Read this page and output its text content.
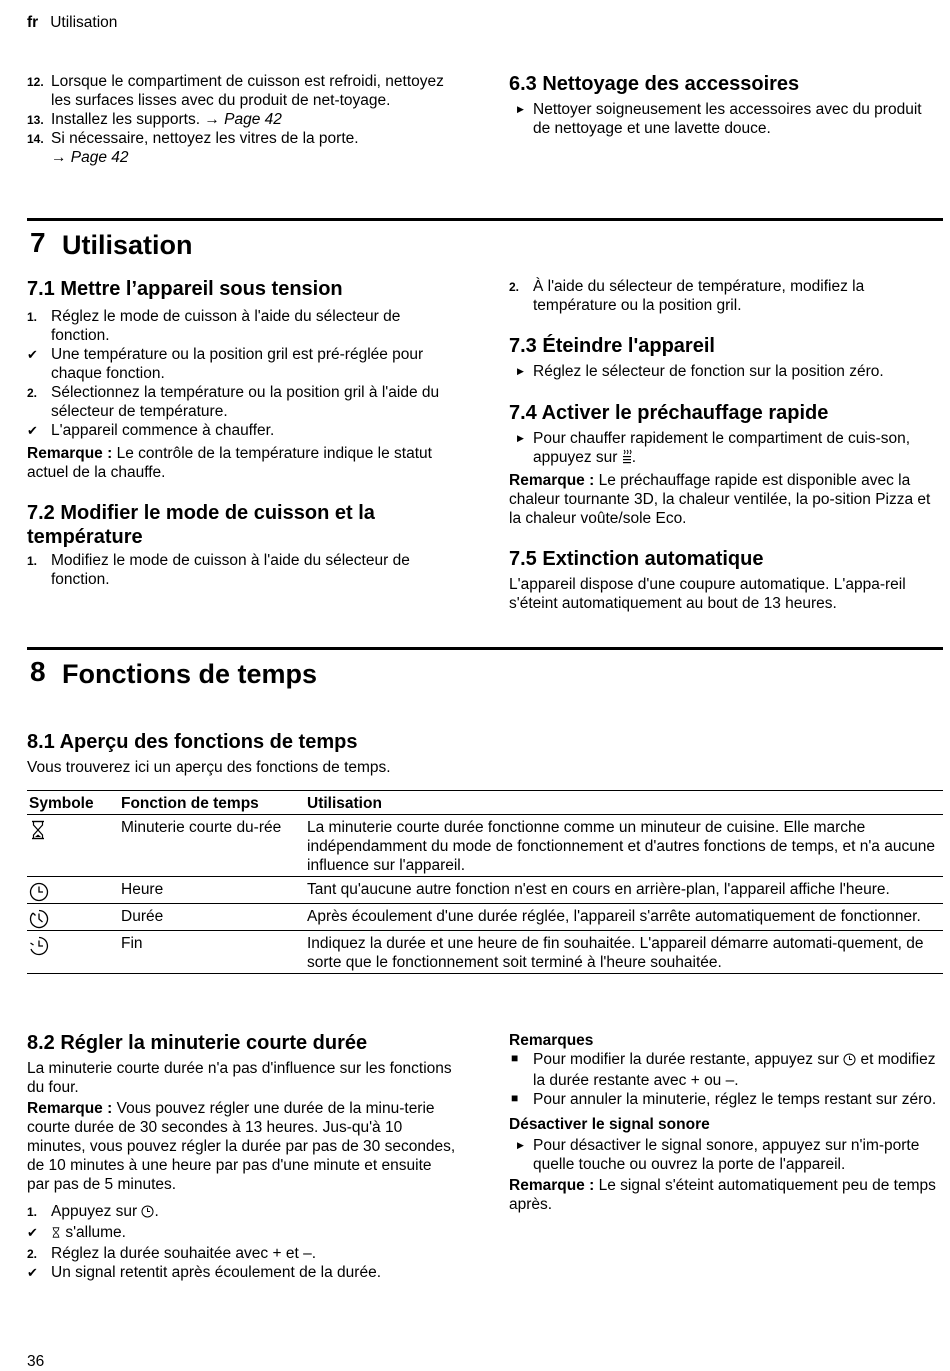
fr Utilisation
12. Lorsque le compartiment de cuisson est refroidi, nettoyez les surfaces lisses avec du produit de net-toyage.
13. Installez les supports. → Page 42
14. Si nécessaire, nettoyez les vitres de la porte.
→ Page 42
6.3 Nettoyage des accessoires
▶ Nettoyer soigneusement les accessoires avec du produit de nettoyage et une lavette douce.
7 Utilisation
7.1 Mettre l’appareil sous tension
1. Réglez le mode de cuisson à l'aide du sélecteur de fonction.
✔ Une température ou la position gril est pré-réglée pour chaque fonction.
2. Sélectionnez la température ou la position gril à l'aide du sélecteur de température.
✔ L'appareil commence à chauffer.

Remarque : Le contrôle de la température indique le statut actuel de la chauffe.

7.2 Modifier le mode de cuisson et la température
1. Modifiez le mode de cuisson à l'aide du sélecteur de fonction.
2. À l'aide du sélecteur de température, modifiez la température ou la position gril.
7.3 Éteindre l'appareil
▶ Réglez le sélecteur de fonction sur la position zéro.
7.4 Activer le préchauffage rapide
▶ Pour chauffer rapidement le compartiment de cuis-son, appuyez sur .

Remarque : Le préchauffage rapide est disponible avec la chaleur tournante 3D, la chaleur ventilée, la po-sition Pizza et la chaleur voûte/sole Eco.

7.5 Extinction automatique

L'appareil dispose d'une coupure automatique. L'appa-reil s'éteint automatiquement au bout de 13 heures.

8 Fonctions de temps
8.1 Aperçu des fonctions de temps

Vous trouverez ici un aperçu des fonctions de temps.

Symbole	Fonction de temps	Utilisation

	Minuterie courte du-rée	La minuterie courte durée fonctionne comme un minuteur de cuisine. Elle marche indépendamment du mode de fonctionnement et d'autres fonctions de temps, et n'a aucune influence sur l'appareil.

	Heure	Tant qu'aucune autre fonction n'est en cours en arrière-plan, l'appareil affiche l'heure.

	Durée	Après écoulement d'une durée réglée, l'appareil s'arrête automatiquement de fonctionner.

	Fin	Indiquez la durée et une heure de fin souhaitée. L'appareil démarre automati-quement, de sorte que le fonctionnement soit terminé à l'heure souhaitée.
8.2 Régler la minuterie courte durée

La minuterie courte durée n'a pas d'influence sur les fonctions du four.

Remarque : Vous pouvez régler une durée de la minu-terie courte durée de 30 secondes à 13 heures. Jus-qu'à 10 minutes, vous pouvez régler la durée par pas de 30 secondes, de 10 minutes à une heure par pas d'une minute et ensuite par pas de 5 minutes.

1. Appuyez sur .
✔ s'allume.
2. Réglez la durée souhaitée avec + et –.
✔ Un signal retentit après écoulement de la durée.

Remarques

■ Pour modifier la durée restante, appuyez sur et modifiez la durée restante avec + ou –.
■ Pour annuler la minuterie, réglez le temps restant sur zéro.

Désactiver le signal sonore

▶ Pour désactiver le signal sonore, appuyez sur n'im-porte quelle touche ou ouvrez la porte de l'appareil.

Remarque : Le signal s'éteint automatiquement peu de temps après.

36
